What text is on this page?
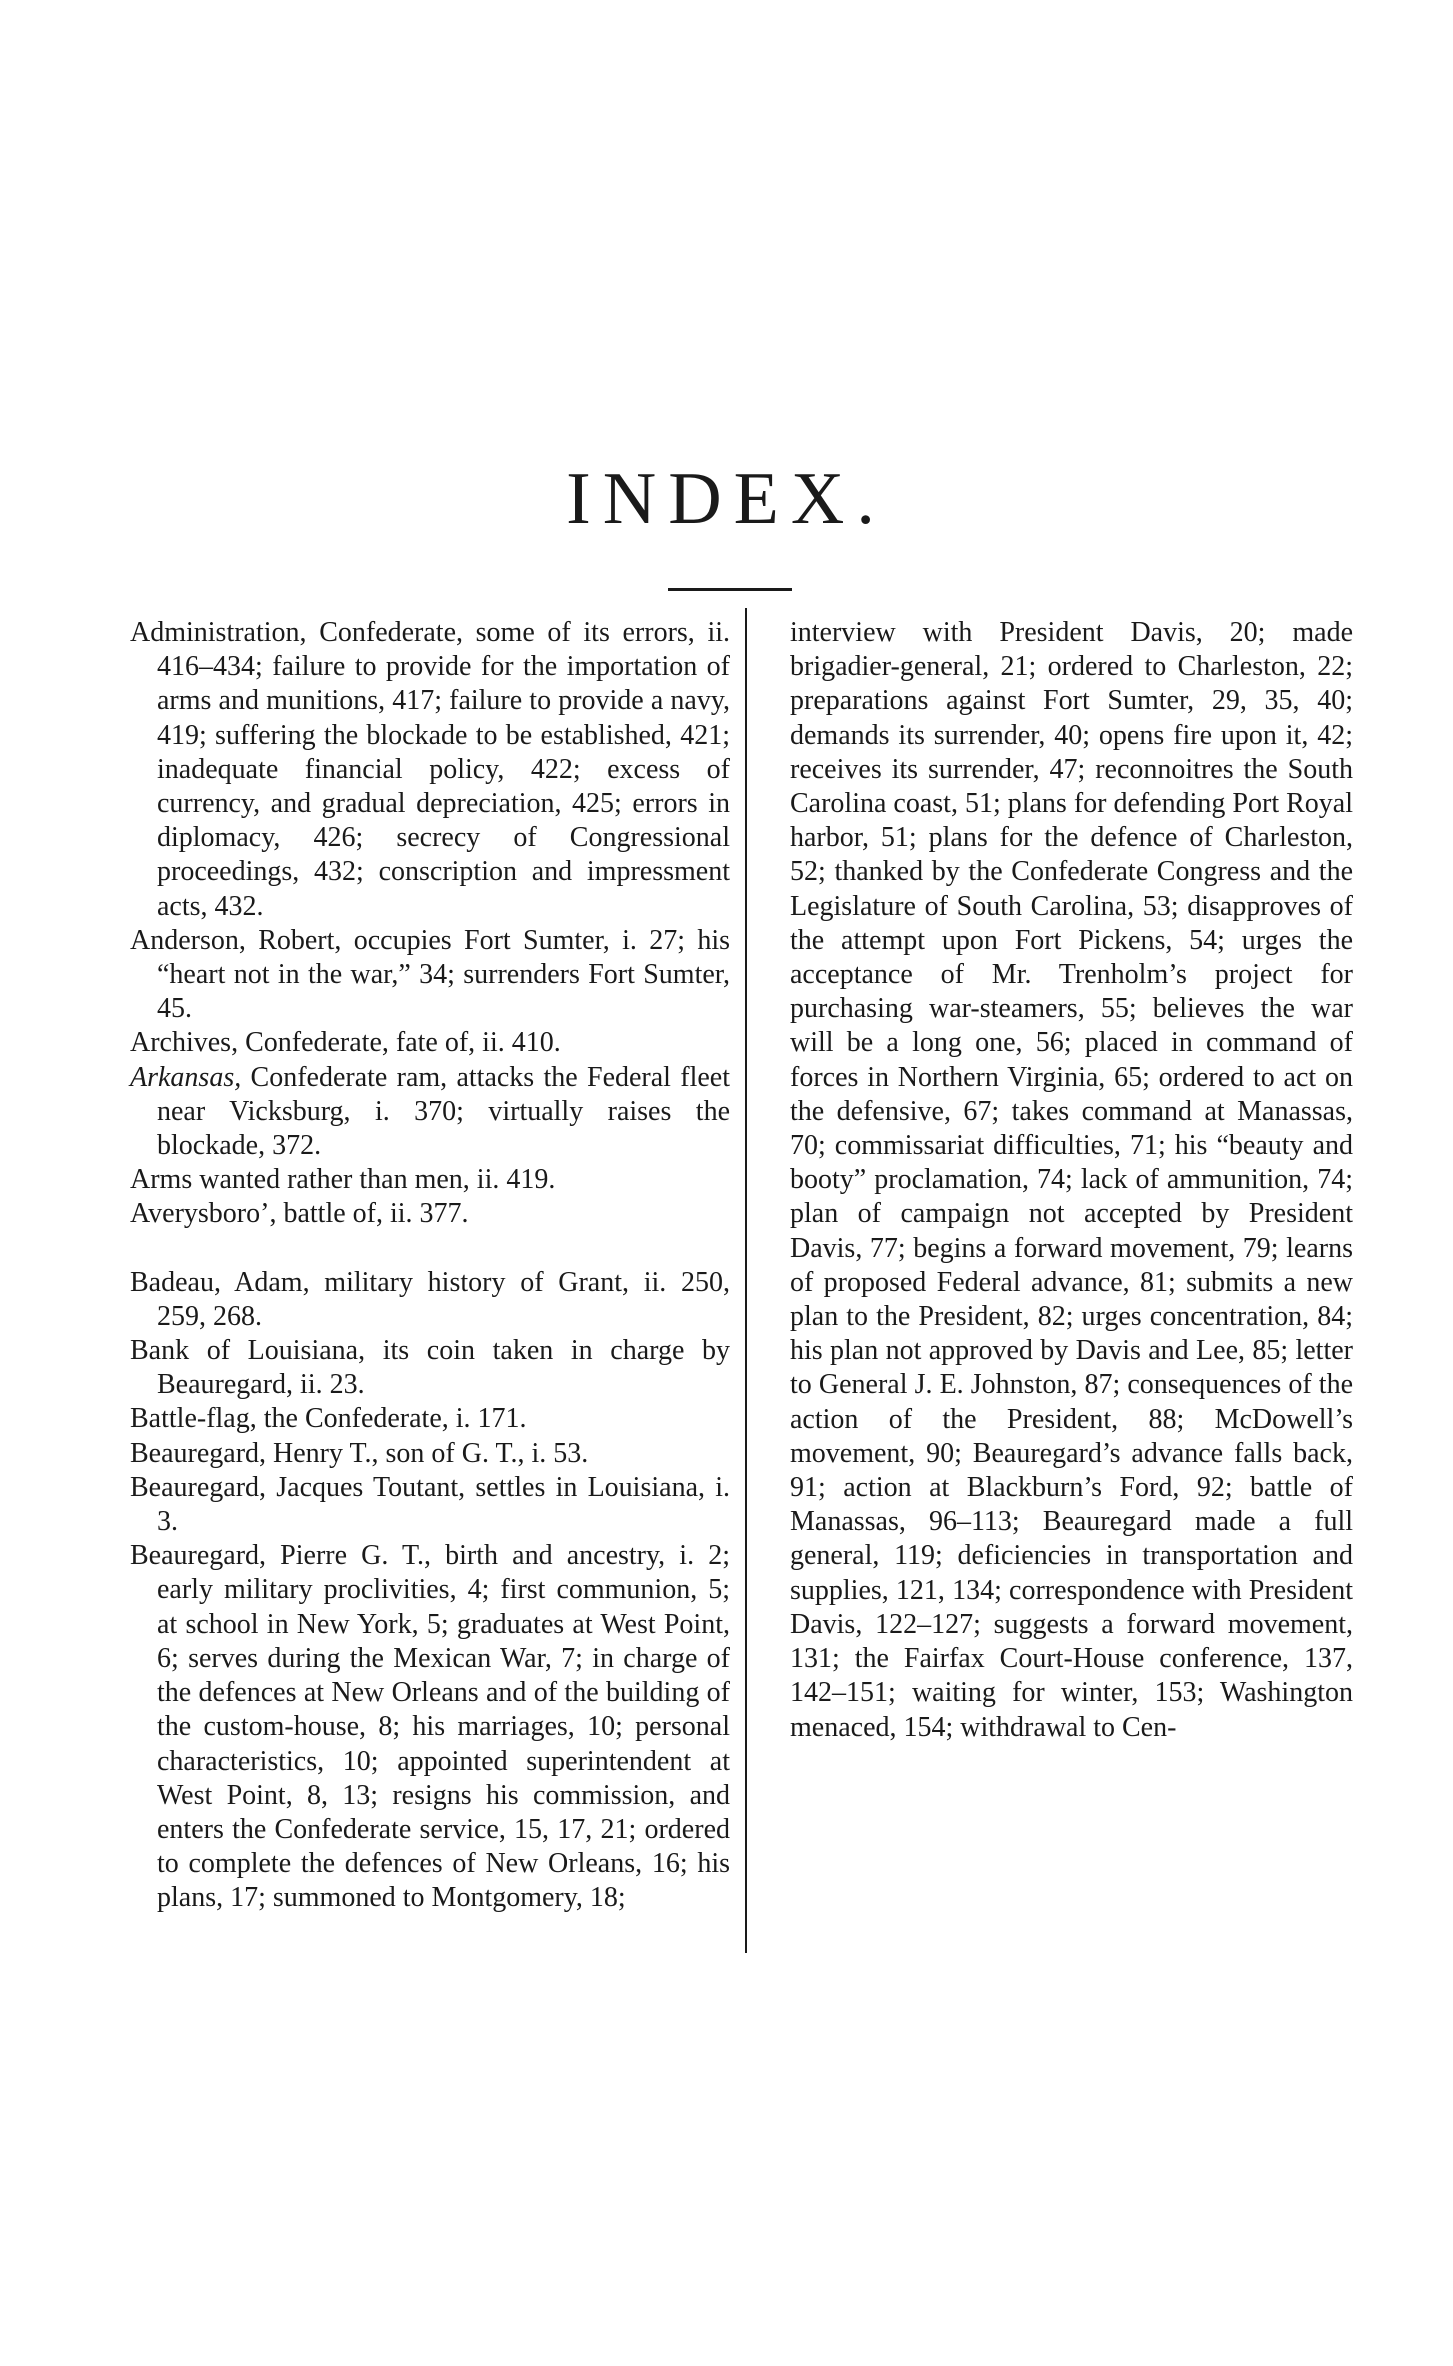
INDEX.

Administration, Confederate, some of its errors, ii. 416–434; failure to provide for the importation of arms and munitions, 417; failure to provide a navy, 419; suffering the blockade to be established, 421; inadequate financial policy, 422; excess of currency, and gradual depreciation, 425; errors in diplomacy, 426; secrecy of Congressional proceedings, 432; conscription and impressment acts, 432.

Anderson, Robert, occupies Fort Sumter, i. 27; his “heart not in the war,” 34; surrenders Fort Sumter, 45.

Archives, Confederate, fate of, ii. 410.

Arkansas, Confederate ram, attacks the Federal fleet near Vicksburg, i. 370; virtually raises the blockade, 372.

Arms wanted rather than men, ii. 419.

Averysboro’, battle of, ii. 377.

Badeau, Adam, military history of Grant, ii. 250, 259, 268.

Bank of Louisiana, its coin taken in charge by Beauregard, ii. 23.

Battle-flag, the Confederate, i. 171.

Beauregard, Henry T., son of G. T., i. 53.

Beauregard, Jacques Toutant, settles in Louisiana, i. 3.

Beauregard, Pierre G. T., birth and ancestry, i. 2; early military proclivities, 4; first communion, 5; at school in New York, 5; graduates at West Point, 6; serves during the Mexican War, 7; in charge of the defences at New Orleans and of the building of the custom-house, 8; his marriages, 10; personal characteristics, 10; appointed superintendent at West Point, 8, 13; resigns his commission, and enters the Confederate service, 15, 17, 21; ordered to complete the defences of New Orleans, 16; his plans, 17; summoned to Montgomery, 18;

interview with President Davis, 20; made brigadier-general, 21; ordered to Charleston, 22; preparations against Fort Sumter, 29, 35, 40; demands its surrender, 40; opens fire upon it, 42; receives its surrender, 47; reconnoitres the South Carolina coast, 51; plans for defending Port Royal harbor, 51; plans for the defence of Charleston, 52; thanked by the Confederate Congress and the Legislature of South Carolina, 53; disapproves of the attempt upon Fort Pickens, 54; urges the acceptance of Mr. Trenholm’s project for purchasing war-steamers, 55; believes the war will be a long one, 56; placed in command of forces in Northern Virginia, 65; ordered to act on the defensive, 67; takes command at Manassas, 70; commissariat difficulties, 71; his “beauty and booty” proclamation, 74; lack of ammunition, 74; plan of campaign not accepted by President Davis, 77; begins a forward movement, 79; learns of proposed Federal advance, 81; submits a new plan to the President, 82; urges concentration, 84; his plan not approved by Davis and Lee, 85; letter to General J. E. Johnston, 87; consequences of the action of the President, 88; McDowell’s movement, 90; Beauregard’s advance falls back, 91; action at Blackburn’s Ford, 92; battle of Manassas, 96–113; Beauregard made a full general, 119; deficiencies in transportation and supplies, 121, 134; correspondence with President Davis, 122–127; suggests a forward movement, 131; the Fairfax Court-House conference, 137, 142–151; waiting for winter, 153; Washington menaced, 154; withdrawal to Cen-
